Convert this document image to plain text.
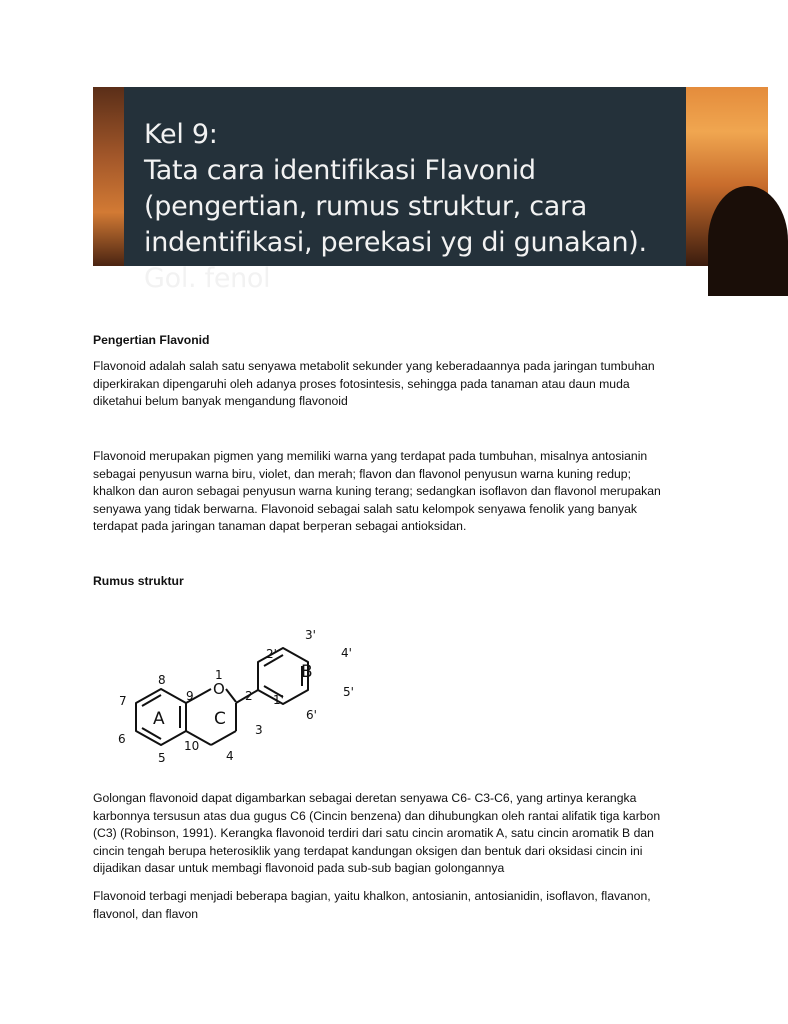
Kel 9:
Tata cara identifikasi Flavonid
(pengertian, rumus struktur, cara
indentifikasi, perekasi yg di gunakan).
Gol. fenol
Pengertian Flavonid

Flavonoid adalah salah satu senyawa metabolit sekunder yang keberadaannya pada jaringan tumbuhan diperkirakan dipengaruhi oleh adanya proses fotosintesis, sehingga pada tanaman atau daun muda diketahui belum banyak mengandung flavonoid

Flavonoid merupakan pigmen yang memiliki warna yang terdapat pada tumbuhan, misalnya antosianin sebagai penyusun warna biru, violet, dan merah; flavon dan flavonol penyusun warna kuning redup; khalkon dan auron sebagai penyusun warna kuning terang; sedangkan isoflavon dan flavonol merupakan senyawa yang tidak berwarna. Flavonoid sebagai salah satu kelompok senyawa fenolik yang banyak terdapat pada jaringan tanaman dapat berperan sebagai antioksidan.

Rumus struktur
O
1
2
3
4
5
6
7
8
9
10
1'
2'
3'
4'
5'
6'
A	C
B

Golongan flavonoid dapat digambarkan sebagai deretan senyawa C6- C3-C6, yang artinya kerangka karbonnya tersusun atas dua gugus C6 (Cincin benzena) dan dihubungkan oleh rantai alifatik tiga karbon (C3) (Robinson, 1991). Kerangka flavonoid terdiri dari satu cincin aromatik A, satu cincin aromatik B dan cincin tengah berupa heterosiklik yang terdapat kandungan oksigen dan bentuk dari oksidasi cincin ini dijadikan dasar untuk membagi flavonoid pada sub-sub bagian golongannya

Flavonoid terbagi menjadi beberapa bagian, yaitu khalkon, antosianin, antosianidin, isoflavon, flavanon, flavonol, dan flavon
